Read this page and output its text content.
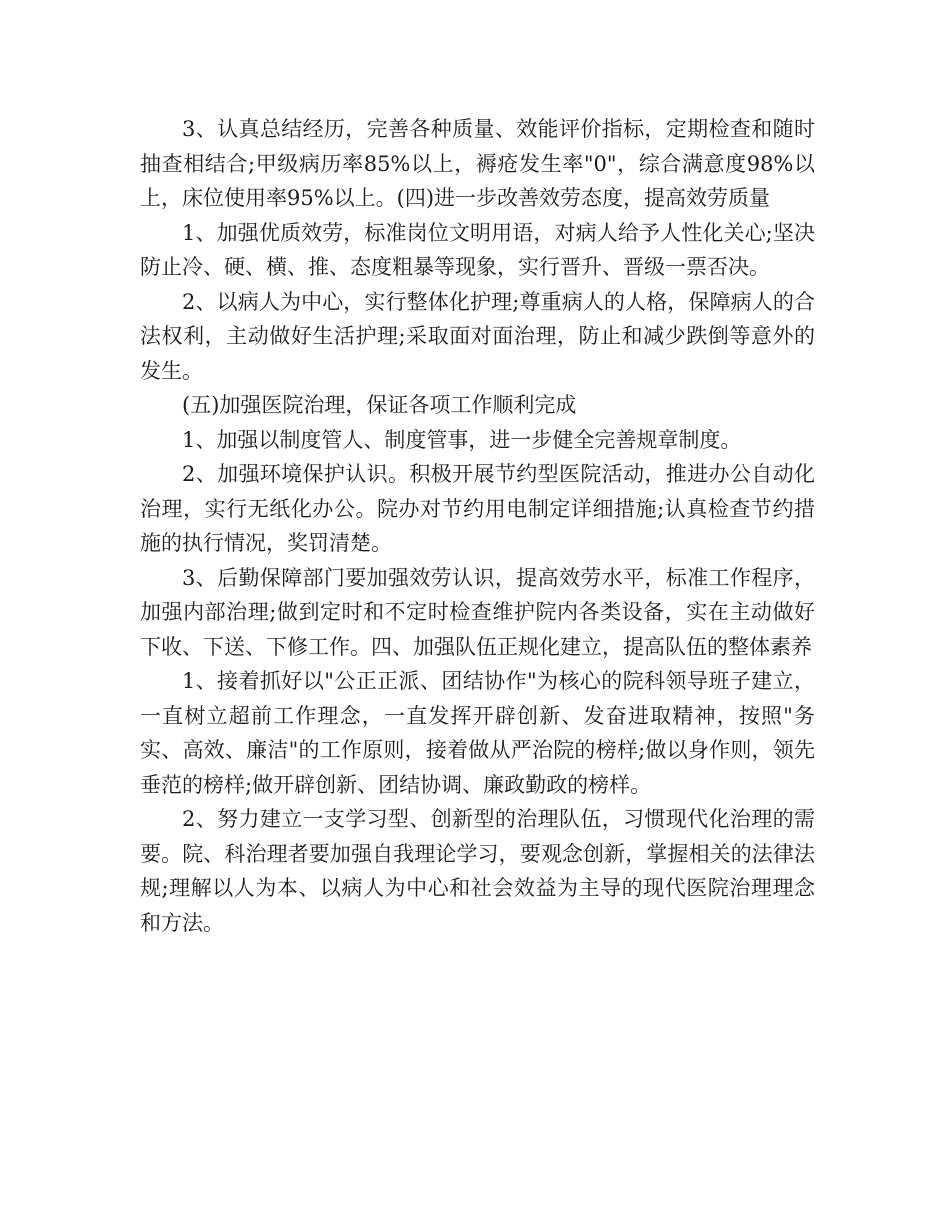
3、认真总结经历，完善各种质量、效能评价指标，定期检查和随时抽查相结合;甲级病历率85%以上，褥疮发生率"0"，综合满意度98%以上，床位使用率95%以上。(四)进一步改善效劳态度，提高效劳质量

1、加强优质效劳，标准岗位文明用语，对病人给予人性化关心;坚决防止冷、硬、横、推、态度粗暴等现象，实行晋升、晋级一票否决。

2、以病人为中心，实行整体化护理;尊重病人的人格，保障病人的合法权利，主动做好生活护理;采取面对面治理，防止和减少跌倒等意外的发生。

(五)加强医院治理，保证各项工作顺利完成

1、加强以制度管人、制度管事，进一步健全完善规章制度。

2、加强环境保护认识。积极开展节约型医院活动，推进办公自动化治理，实行无纸化办公。院办对节约用电制定详细措施;认真检查节约措施的执行情况，奖罚清楚。

3、后勤保障部门要加强效劳认识，提高效劳水平，标准工作程序，加强内部治理;做到定时和不定时检查维护院内各类设备，实在主动做好下收、下送、下修工作。四、加强队伍正规化建立，提高队伍的整体素养

1、接着抓好以"公正正派、团结协作"为核心的院科领导班子建立，一直树立超前工作理念，一直发挥开辟创新、发奋进取精神，按照"务实、高效、廉洁"的工作原则，接着做从严治院的榜样;做以身作则，领先垂范的榜样;做开辟创新、团结协调、廉政勤政的榜样。

2、努力建立一支学习型、创新型的治理队伍，习惯现代化治理的需要。院、科治理者要加强自我理论学习，要观念创新，掌握相关的法律法规;理解以人为本、以病人为中心和社会效益为主导的现代医院治理理念和方法。
